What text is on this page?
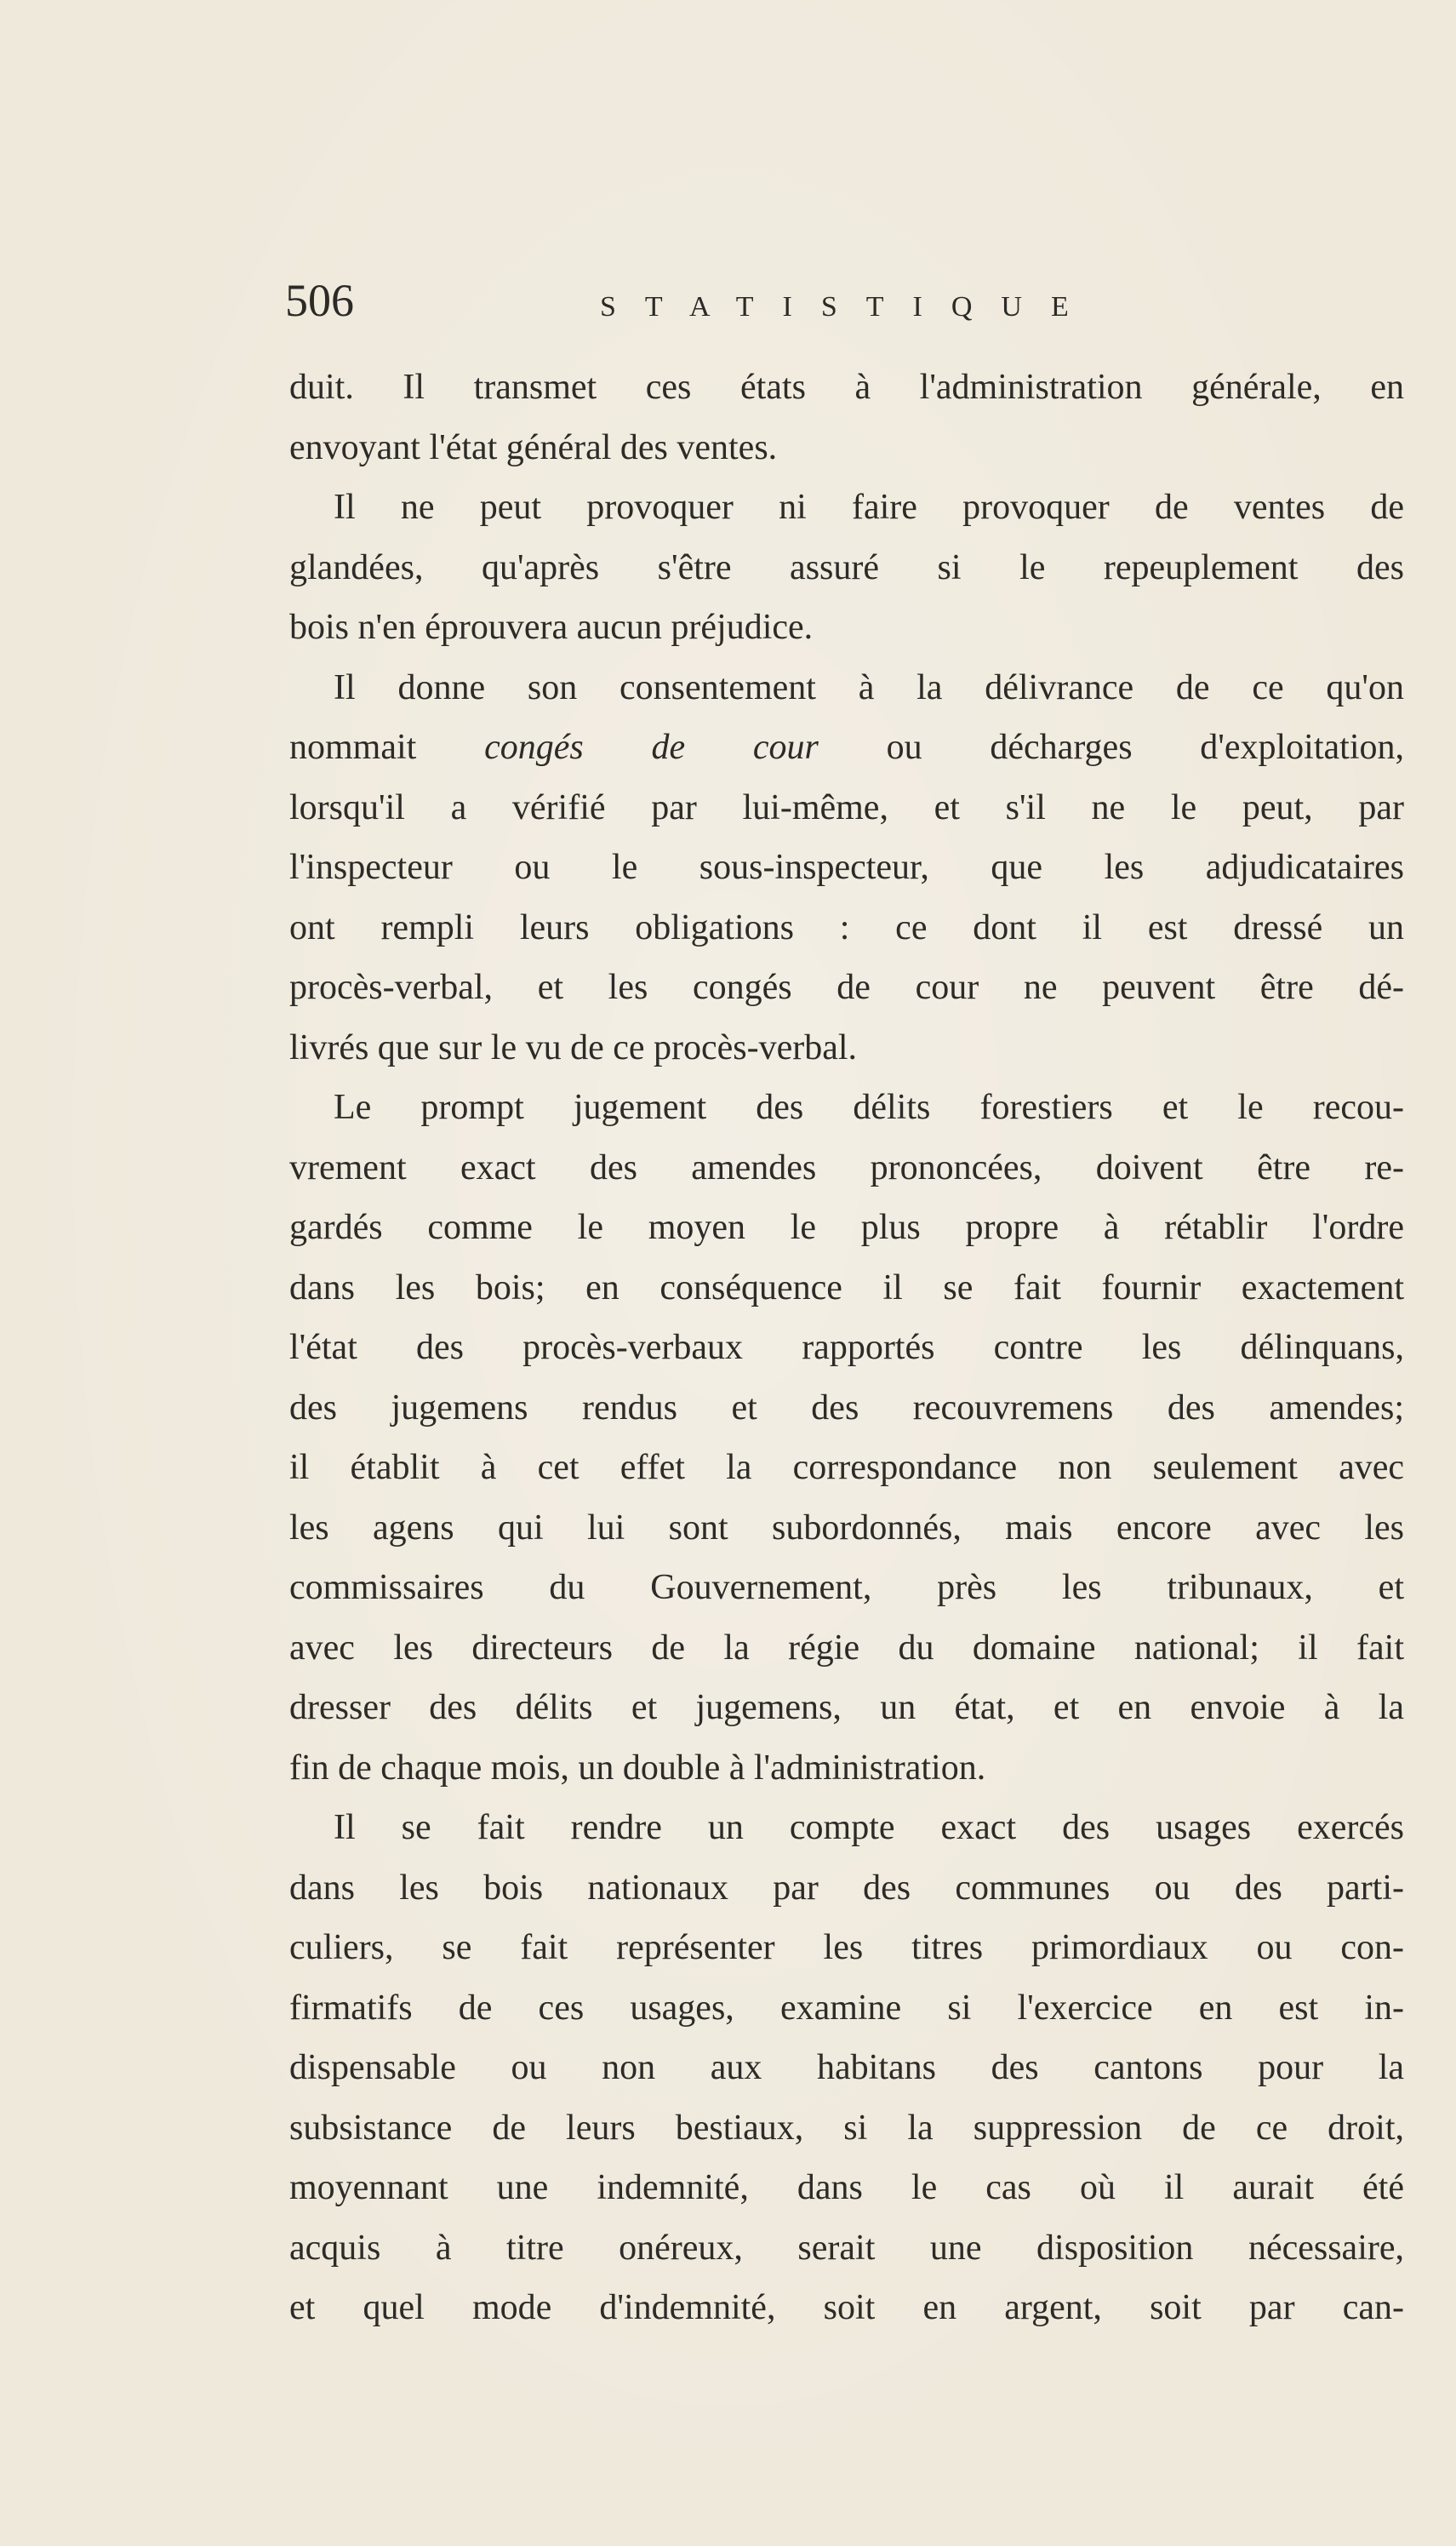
506	STATISTIQUE
duit. Il transmet ces états à l'administration générale, en
envoyant l'état général des ventes.
Il ne peut provoquer ni faire provoquer de ventes de
glandées, qu'après s'être assuré si le repeuplement des
bois n'en éprouvera aucun préjudice.
Il donne son consentement à la délivrance de ce qu'on
nommait congés de cour ou décharges d'exploitation,
lorsqu'il a vérifié par lui-même, et s'il ne le peut, par
l'inspecteur ou le sous-inspecteur, que les adjudicataires
ont rempli leurs obligations : ce dont il est dressé un
procès-verbal, et les congés de cour ne peuvent être dé-
livrés que sur le vu de ce procès-verbal.
Le prompt jugement des délits forestiers et le recou-
vrement exact des amendes prononcées, doivent être re-
gardés comme le moyen le plus propre à rétablir l'ordre
dans les bois; en conséquence il se fait fournir exactement
l'état des procès-verbaux rapportés contre les délinquans,
des jugemens rendus et des recouvremens des amendes;
il établit à cet effet la correspondance non seulement avec
les agens qui lui sont subordonnés, mais encore avec les
commissaires du Gouvernement, près les tribunaux, et
avec les directeurs de la régie du domaine national; il fait
dresser des délits et jugemens, un état, et en envoie à la
fin de chaque mois, un double à l'administration.
Il se fait rendre un compte exact des usages exercés
dans les bois nationaux par des communes ou des parti-
culiers, se fait représenter les titres primordiaux ou con-
firmatifs de ces usages, examine si l'exercice en est in-
dispensable ou non aux habitans des cantons pour la
subsistance de leurs bestiaux, si la suppression de ce droit,
moyennant une indemnité, dans le cas où il aurait été
acquis à titre onéreux, serait une disposition nécessaire,
et quel mode d'indemnité, soit en argent, soit par can-
